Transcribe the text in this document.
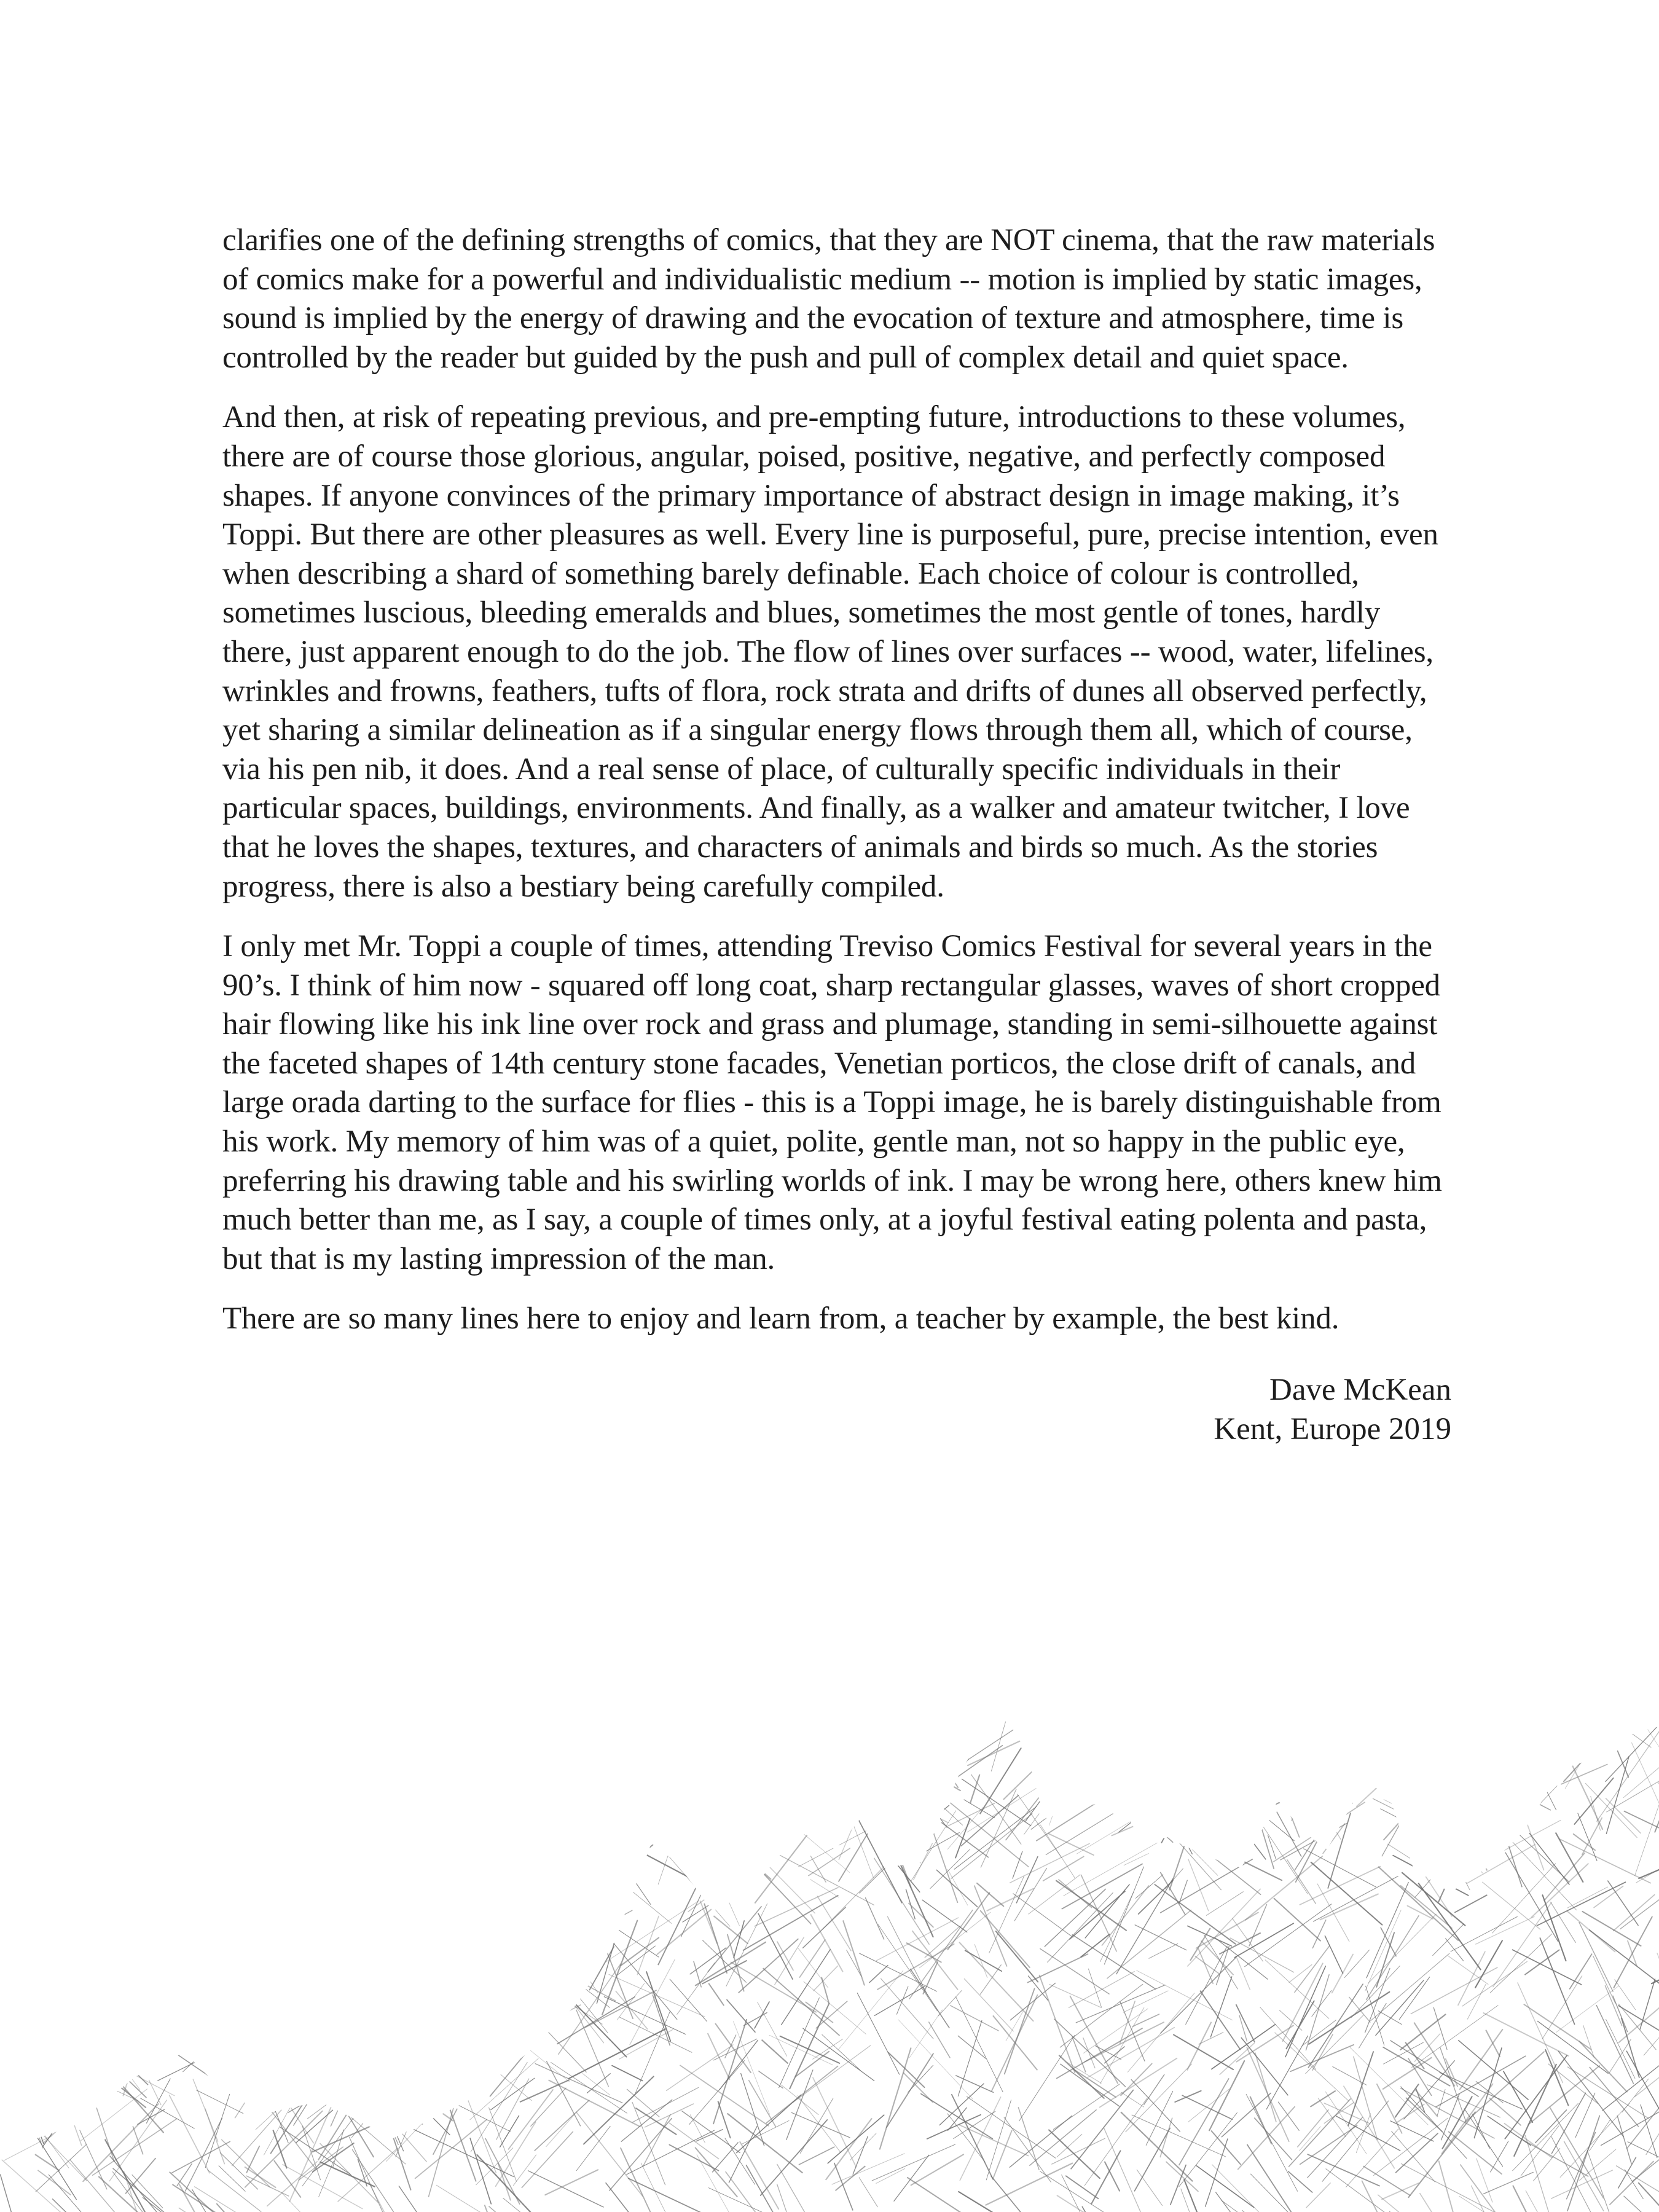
clarifies one of the defining strengths of comics, that they are NOT cinema, that the raw materials of comics make for a powerful and individualistic medium -- motion is implied by static images, sound is implied by the energy of drawing and the evocation of texture and atmosphere, time is controlled by the reader but guided by the push and pull of complex detail and quiet space.

And then, at risk of repeating previous, and pre-empting future, introductions to these volumes, there are of course those glorious, angular, poised, positive, negative, and perfectly composed shapes. If anyone convinces of the primary importance of abstract design in image making, it’s Toppi. But there are other pleasures as well. Every line is purposeful, pure, precise intention, even when describing a shard of something barely definable. Each choice of colour is controlled, sometimes luscious, bleeding emeralds and blues, sometimes the most gentle of tones, hardly there, just apparent enough to do the job. The flow of lines over surfaces -- wood, water, lifelines, wrinkles and frowns, feathers, tufts of flora, rock strata and drifts of dunes all observed perfectly, yet sharing a similar delineation as if a singular energy flows through them all, which of course, via his pen nib, it does. And a real sense of place, of culturally specific individuals in their particular spaces, buildings, environments. And finally, as a walker and amateur twitcher, I love that he loves the shapes, textures, and characters of animals and birds so much. As the stories progress, there is also a bestiary being carefully compiled.

I only met Mr. Toppi a couple of times, attending Treviso Comics Festival for several years in the 90’s. I think of him now - squared off long coat, sharp rectangular glasses, waves of short cropped hair flowing like his ink line over rock and grass and plumage, standing in semi-silhouette against the faceted shapes of 14th century stone facades, Venetian porticos, the close drift of canals, and large orada darting to the surface for flies - this is a Toppi image, he is barely distinguishable from his work. My memory of him was of a quiet, polite, gentle man, not so happy in the public eye, preferring his drawing table and his swirling worlds of ink. I may be wrong here, others knew him much better than me, as I say, a couple of times only, at a joyful festival eating polenta and pasta, but that is my lasting impression of the man.

There are so many lines here to enjoy and learn from, a teacher by example, the best kind.

Dave McKean
Kent, Europe 2019
